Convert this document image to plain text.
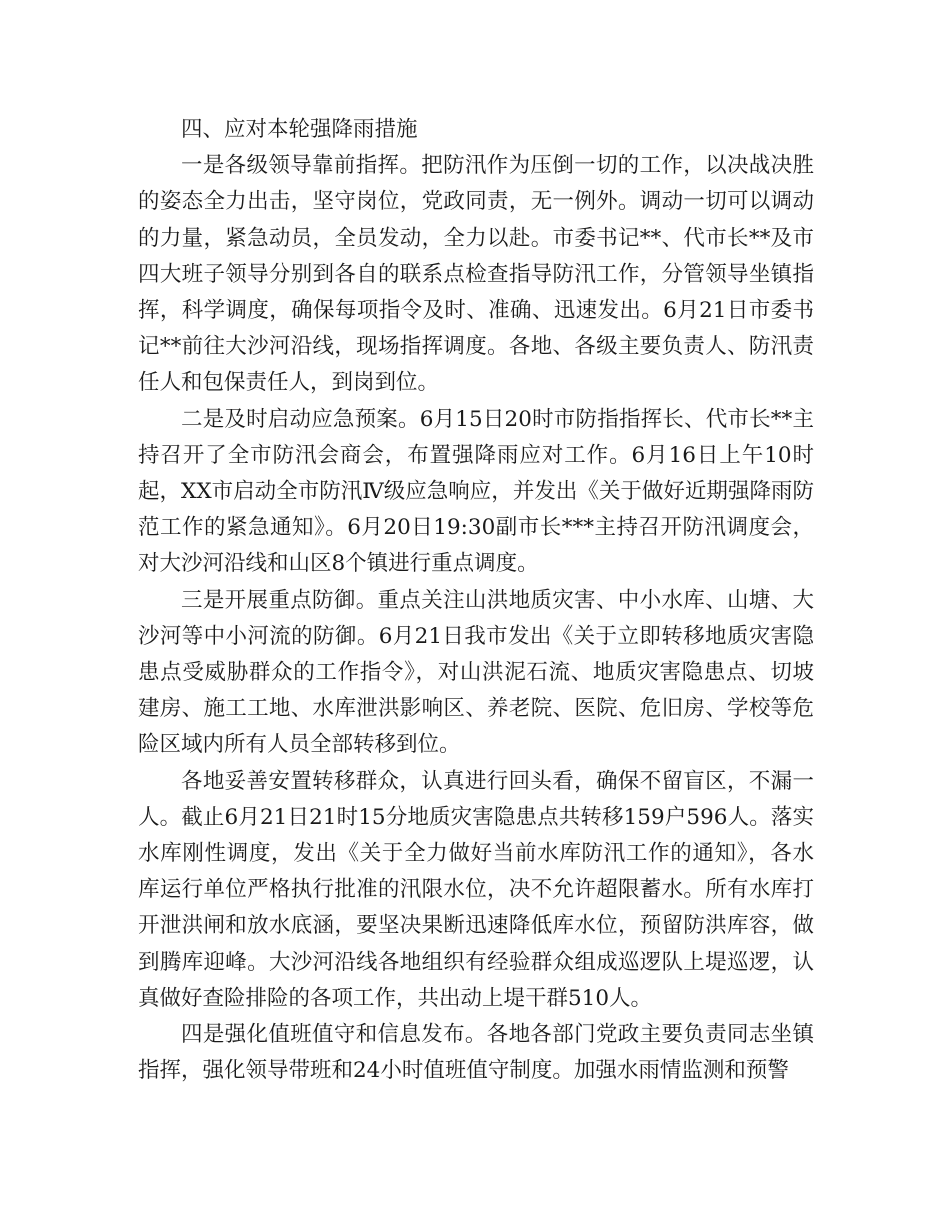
四、应对本轮强降雨措施

一是各级领导靠前指挥。把防汛作为压倒一切的工作，以决战决胜的姿态全力出击，坚守岗位，党政同责，无一例外。调动一切可以调动的力量，紧急动员，全员发动，全力以赴。市委书记**、代市长**及市四大班子领导分别到各自的联系点检查指导防汛工作，分管领导坐镇指挥，科学调度，确保每项指令及时、准确、迅速发出。6月21日市委书记**前往大沙河沿线，现场指挥调度。各地、各级主要负责人、防汛责任人和包保责任人，到岗到位。

二是及时启动应急预案。6月15日20时市防指指挥长、代市长**主持召开了全市防汛会商会，布置强降雨应对工作。6月16日上午10时起，XX市启动全市防汛Ⅳ级应急响应，并发出《关于做好近期强降雨防范工作的紧急通知》。6月20日19:30副市长***主持召开防汛调度会，对大沙河沿线和山区8个镇进行重点调度。

三是开展重点防御。重点关注山洪地质灾害、中小水库、山塘、大沙河等中小河流的防御。6月21日我市发出《关于立即转移地质灾害隐患点受威胁群众的工作指令》，对山洪泥石流、地质灾害隐患点、切坡建房、施工工地、水库泄洪影响区、养老院、医院、危旧房、学校等危险区域内所有人员全部转移到位。

各地妥善安置转移群众，认真进行回头看，确保不留盲区，不漏一人。截止6月21日21时15分地质灾害隐患点共转移159户596人。落实水库刚性调度，发出《关于全力做好当前水库防汛工作的通知》，各水库运行单位严格执行批准的汛限水位，决不允许超限蓄水。所有水库打开泄洪闸和放水底涵，要坚决果断迅速降低库水位，预留防洪库容，做到腾库迎峰。大沙河沿线各地组织有经验群众组成巡逻队上堤巡逻，认真做好查险排险的各项工作，共出动上堤干群510人。

四是强化值班值守和信息发布。各地各部门党政主要负责同志坐镇指挥，强化领导带班和24小时值班值守制度。加强水雨情监测和预警
